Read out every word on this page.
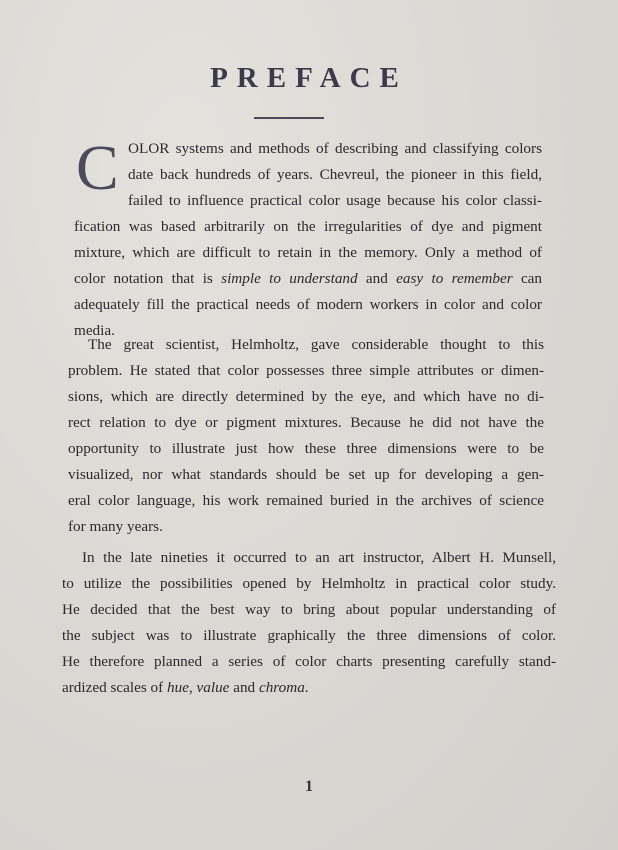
PREFACE
C OLOR systems and methods of describing and classifying colors
date back hundreds of years. Chevreul, the pioneer in this field,
failed to influence practical color usage because his color classi-
fication was based arbitrarily on the irregularities of dye and pigment
mixture, which are difficult to retain in the memory. Only a method of
color notation that is simple to understand and easy to remember can
adequately fill the practical needs of modern workers in color and color
media.
The great scientist, Helmholtz, gave considerable thought to this
problem. He stated that color possesses three simple attributes or dimen-
sions, which are directly determined by the eye, and which have no di-
rect relation to dye or pigment mixtures. Because he did not have the
opportunity to illustrate just how these three dimensions were to be
visualized, nor what standards should be set up for developing a gen-
eral color language, his work remained buried in the archives of science
for many years.
In the late nineties it occurred to an art instructor, Albert H. Munsell,
to utilize the possibilities opened by Helmholtz in practical color study.
He decided that the best way to bring about popular understanding of
the subject was to illustrate graphically the three dimensions of color.
He therefore planned a series of color charts presenting carefully stand-
ardized scales of hue, value and chroma.
1
